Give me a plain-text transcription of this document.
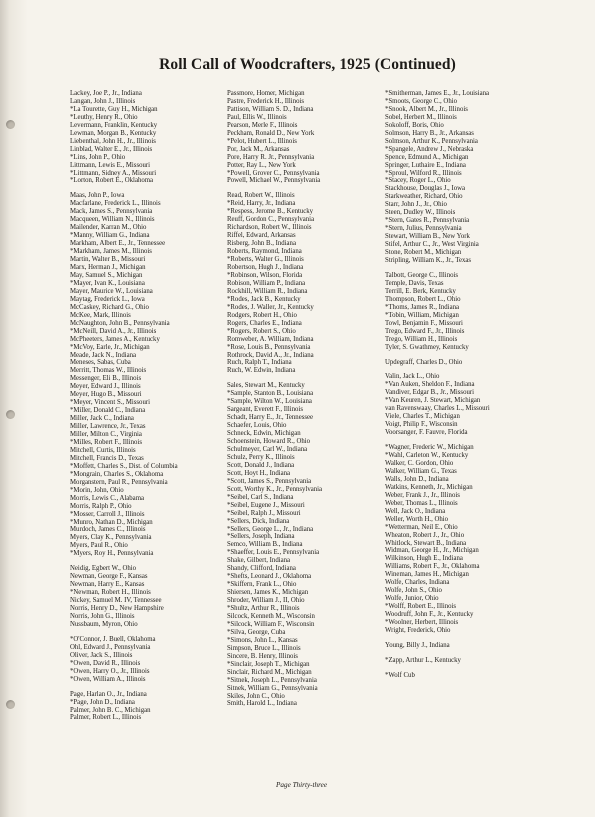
Roll Call of Woodcrafters, 1925 (Continued)
Lackey, Joe P., Jr., Indiana
Langan, John J., Illinois
*La Tourette, Guy H., Michigan
*Leuthy, Henry R., Ohio
Levermann, Franklin, Kentucky
Lewman, Morgan B., Kentucky
Liebenthal, John H., Jr., Illinois
Linblad, Walter E., Jr., Illinois
*Lins, John P., Ohio
Littmann, Lewis E., Missouri
*Littmann, Sidney A., Missouri
*Lorton, Robert E., Oklahoma
Maas, John P., Iowa
Macfarlane, Frederick L., Illinois
Mack, James S., Pennsylvania
Macqueen, William N., Illinois
Mailender, Karran M., Ohio
*Manny, William G., Indiana
Markham, Albert E., Jr., Tennessee
*Markham, James M., Illinois
Martin, Walter B., Missouri
Marx, Herman J., Michigan
May, Samuel S., Michigan
*Mayer, Ivan K., Louisiana
Mayer, Maurice W., Louisiana
Maytag, Frederick L., Iowa
McCaskey, Richard G., Ohio
McKee, Mark, Illinois
McNaughton, John B., Pennsylvania
*McNeill, David A., Jr., Illinois
McPheeters, James A., Kentucky
*McVoy, Earle, Jr., Michigan
Meade, Jack N., Indiana
Meneses, Sabas, Cuba
Merritt, Thomas W., Illinois
Messenger, Eli B., Illinois
Meyer, Edward J., Illinois
Meyer, Hugo B., Missouri
*Meyer, Vincent S., Missouri
*Miller, Donald C., Indiana
Miller, Jack C., Indiana
Miller, Lawrence, Jr., Texas
Miller, Milton C., Virginia
*Milles, Robert F., Illinois
Mitchell, Curtis, Illinois
Mitchell, Francis D., Texas
*Moffett, Charles S., Dist. of Columbia
*Mongrain, Charles S., Oklahoma
Morganstern, Paul R., Pennsylvania
*Morin, John, Ohio
Morris, Lewis C., Alabama
Morris, Ralph P., Ohio
*Mosser, Carroll J., Illinois
*Munro, Nathan D., Michigan
Murdoch, James C., Illinois
Myers, Clay K., Pennsylvania
Myers, Paul R., Ohio
*Myers, Roy H., Pennsylvania
Neidig, Egbert W., Ohio
Newman, George F., Kansas
Newman, Harry E., Kansas
*Newman, Robert H., Illinois
Nickey, Samuel M. IV, Tennessee
Norris, Henry D., New Hampshire
Norris, John G., Illinois
Nussbaum, Myron, Ohio
*O'Connor, J. Buell, Oklahoma
Ohl, Edward J., Pennsylvania
Oliver, Jack S., Illinois
*Owen, David R., Illinois
*Owen, Harry O., Jr., Illinois
*Owen, William A., Illinois
Page, Harlan O., Jr., Indiana
*Page, John D., Indiana
Palmer, John B. C., Michigan
Palmer, Robert L., Illinois
Passmore, Homer, Michigan
Pastre, Frederick H., Illinois
Pattison, William S. D., Indiana
Paul, Ellis W., Illinois
Pearson, Merle F., Illinois
Peckham, Ronald D., New York
*Pelot, Hubert L., Illinois
Por, Jack M., Arkansas
Pore, Harry R. Jr., Pennsylvania
Potter, Ray L., New York
*Powell, Grover C., Pennsylvania
Powell, Michael W., Pennsylvania
Read, Robert W., Illinois
*Reid, Harry, Jr., Indiana
*Respess, Jerome B., Kentucky
Reuff, Gordon C., Pennsylvania
Richardson, Robert W., Illinois
Riffel, Edward, Arkansas
Risberg, John B., Indiana
Roberts, Raymond, Indiana
*Roberts, Walter G., Illinois
Robertson, Hugh J., Indiana
*Robinson, Wilson, Florida
Robison, William P., Indiana
Rockhill, William R., Indiana
*Rodes, Jack B., Kentucky
*Rodes, J. Waller, Jr., Kentucky
Rodgers, Robert H., Ohio
Rogers, Charles E., Indiana
*Rogers, Robert S., Ohio
Romweber, A. William, Indiana
*Rose, Louis B., Pennsylvania
Rothrock, David A., Jr., Indiana
Ruch, Ralph T., Indiana
Ruch, W. Edwin, Indiana
Sales, Stewart M., Kentucky
*Sample, Stanton B., Louisiana
*Sample, Wilton W., Louisiana
Sargeant, Everett F., Illinois
Schadt, Harry E., Jr., Tennessee
Schaefer, Louis, Ohio
Schneck, Edwin, Michigan
Schoenstein, Howard R., Ohio
Schulmeyer, Carl W., Indiana
Schulz, Perry K., Illinois
Scott, Donald J., Indiana
Scott, Hoyt H., Indiana
*Scott, James S., Pennsylvania
Scott, Worthy K., Jr., Pennsylvania
*Seibel, Carl S., Indiana
*Seibel, Eugene J., Missouri
*Seibel, Ralph J., Missouri
*Sellers, Dick, Indiana
*Sellers, George L., Jr., Indiana
*Sellers, Joseph, Indiana
Semco, William B., Indiana
*Shaeffer, Louis E., Pennsylvania
Shake, Gilbert, Indiana
Shandy, Clifford, Indiana
*Shefts, Leonard J., Oklahoma
*Skiffern, Frank L., Ohio
Shiersen, James K., Michigan
Shroder, William J., II, Ohio
*Shultz, Arthur R., Illinois
Silcock, Kenneth M., Wisconsin
*Silcock, William F., Wisconsin
*Silva, George, Cuba
*Simons, John L., Kansas
Simpson, Bruce L., Illinois
Sincere, B. Henry, Illinois
*Sinclair, Joseph T., Michigan
Sinclair, Richard M., Michigan
*Sitnek, Joseph L., Pennsylvania
Sitnek, William G., Pennsylvania
Skiles, John C., Ohio
Smith, Harold L., Indiana
*Smitherman, James E., Jr., Louisiana
*Smoots, George C., Ohio
*Snook, Albert M., Jr., Illinois
Sobel, Herbert M., Illinois
Sokoloff, Boris, Ohio
Solmson, Harry B., Jr., Arkansas
Solmson, Arthur K., Pennsylvania
*Spangele, Andrew J., Nebraska
Spence, Edmund A., Michigan
Springer, Luthaire E., Indiana
*Sproul, Wilford R., Illinois
*Stacey, Roger L., Ohio
Stackhouse, Douglas J., Iowa
Starkweather, Richard, Ohio
Starr, John J., Jr., Ohio
Steen, Dudley W., Illinois
*Stern, Gates R., Pennsylvania
*Stern, Julius, Pennsylvania
Stewart, William B., New York
Stifel, Arthur C., Jr., West Virginia
Stone, Robert M., Michigan
Stripling, William K., Jr., Texas
Talbott, George C., Illinois
Temple, Davis, Texas
Terrill, E. Berk, Kentucky
Thompson, Robert L., Ohio
*Thoms, James R., Indiana
*Tobin, William, Michigan
Towl, Benjamin F., Missouri
Trego, Edward F., Jr., Illinois
Trego, William H., Illinois
Tyler, S. Gwathmey, Kentucky
Updegraff, Charles D., Ohio
Valin, Jack L., Ohio
*Van Auken, Sheldon F., Indiana
Vandiver, Edgar B., Jr., Missouri
*Van Keuren, J. Stewart, Michigan
van Ravenswaay, Charles L., Missouri
Viele, Charles T., Michigan
Voigt, Philip F., Wisconsin
Voorsanger, F. Fauvre, Florida
*Wagner, Frederic W., Michigan
*Wahl, Carleton W., Kentucky
Walker, C. Gordon, Ohio
Walker, William G., Texas
Walls, John D., Indiana
Watkins, Kenneth, Jr., Michigan
Weber, Frank J., Jr., Illinois
Weber, Thomas L., Illinois
Well, Jack O., Indiana
Weller, Worth H., Ohio
*Wetterman, Neil E., Ohio
Wheaton, Robert J., Jr., Ohio
Whitlock, Stewart B., Indiana
Widman, George H., Jr., Michigan
Wilkinson, Hugh E., Indiana
Williams, Robert F., Jr., Oklahoma
Wineman, James H., Michigan
Wolfe, Charles, Indiana
Wolfe, John S., Ohio
Wolfe, Junior, Ohio
*Wolff, Robert E., Illinois
Woodruff, John F., Jr., Kentucky
*Woolner, Herbert, Illinois
Wright, Frederick, Ohio
Young, Billy J., Indiana
*Zapp, Arthur L., Kentucky
*Wolf Cub
Page Thirty-three
